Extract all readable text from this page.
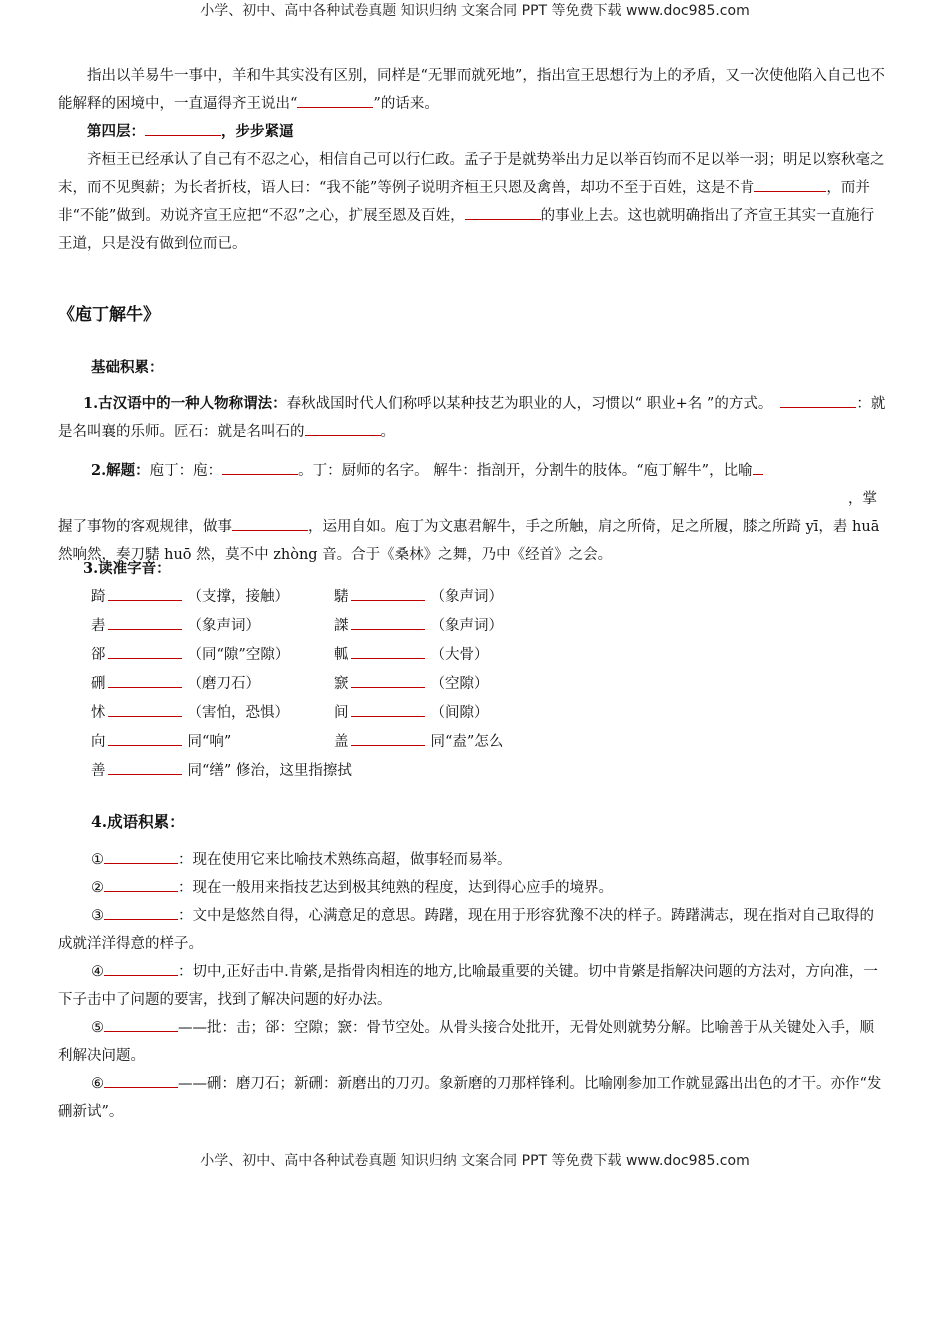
小学、初中、高中各种试卷真题 知识归纳 文案合同 PPT 等免费下载 www.doc985.com

指出以羊易牛一事中，羊和牛其实没有区别，同样是“无罪而就死地”，指出宣王思想行为上的矛盾，又一次使他陷入自己也不能解释的困境中，一直逼得齐王说出“	”的话来。

第四层：	，步步紧逼

齐桓王已经承认了自己有不忍之心，相信自己可以行仁政。孟子于是就势举出力足以举百钧而不足以举一羽；明足以察秋毫之末，而不见舆薪；为长者折枝，语人曰：“我不能”等例子说明齐桓王只恩及禽兽，却功不至于百姓，这是不肯	，而并非“不能”做到。劝说齐宣王应把“不忍”之心，扩展至恩及百姓，	的事业上去。这也就明确指出了齐宣王其实一直施行王道，只是没有做到位而已。

《庖丁解牛》

基础积累：

1.古汉语中的一种人物称谓法：春秋战国时代人们称呼以某种技艺为职业的人，习惯以“ 职业+名 ”的方式。	：就是名叫襄的乐师。匠石：就是名叫石的	。

2.解题：庖丁：庖：	。丁：厨师的名字。 解牛：指剖开，分割牛的肢体。“庖丁解牛”，比喻，掌握了事物的客观规律，做事	，运用自如。庖丁为文惠君解牛，手之所触，肩之所倚，足之所履，膝之所踦 yī，砉 huā 然响然，奏刀騞 huō 然，莫不中 zhòng 音。合于《桑林》之舞，乃中《经首》之会。

3.读准字音：

踦	（支撑，接触）	騞	（象声词）
砉	（象声词）	謋	（象声词）
郤	（同“隙”空隙）	軱	（大骨）
硎	（磨刀石）	窾	（空隙）
怵	（害怕，恐惧）	间	（间隙）
向	同“响”	盖	同“盍”怎么
善	同“缮” 修治，这里指擦拭

4.成语积累：

①	：现在使用它来比喻技术熟练高超，做事轻而易举。

②	：现在一般用来指技艺达到极其纯熟的程度，达到得心应手的境界。

③	：文中是悠然自得，心满意足的意思。踌躇，现在用于形容犹豫不决的样子。踌躇满志，现在指对自己取得的成就洋洋得意的样子。

④	：切中,正好击中.肯綮,是指骨肉相连的地方,比喻最重要的关键。切中肯綮是指解决问题的方法对，方向准，一下子击中了问题的要害，找到了解决问题的好办法。

⑤	——批：击；郤：空隙；窾：骨节空处。从骨头接合处批开，无骨处则就势分解。比喻善于从关键处入手，顺利解决问题。

⑥	——硎：磨刀石；新硎：新磨出的刀刃。象新磨的刀那样锋利。比喻刚参加工作就显露出出色的才干。亦作“发硎新试”。

小学、初中、高中各种试卷真题 知识归纳 文案合同 PPT 等免费下载 www.doc985.com
